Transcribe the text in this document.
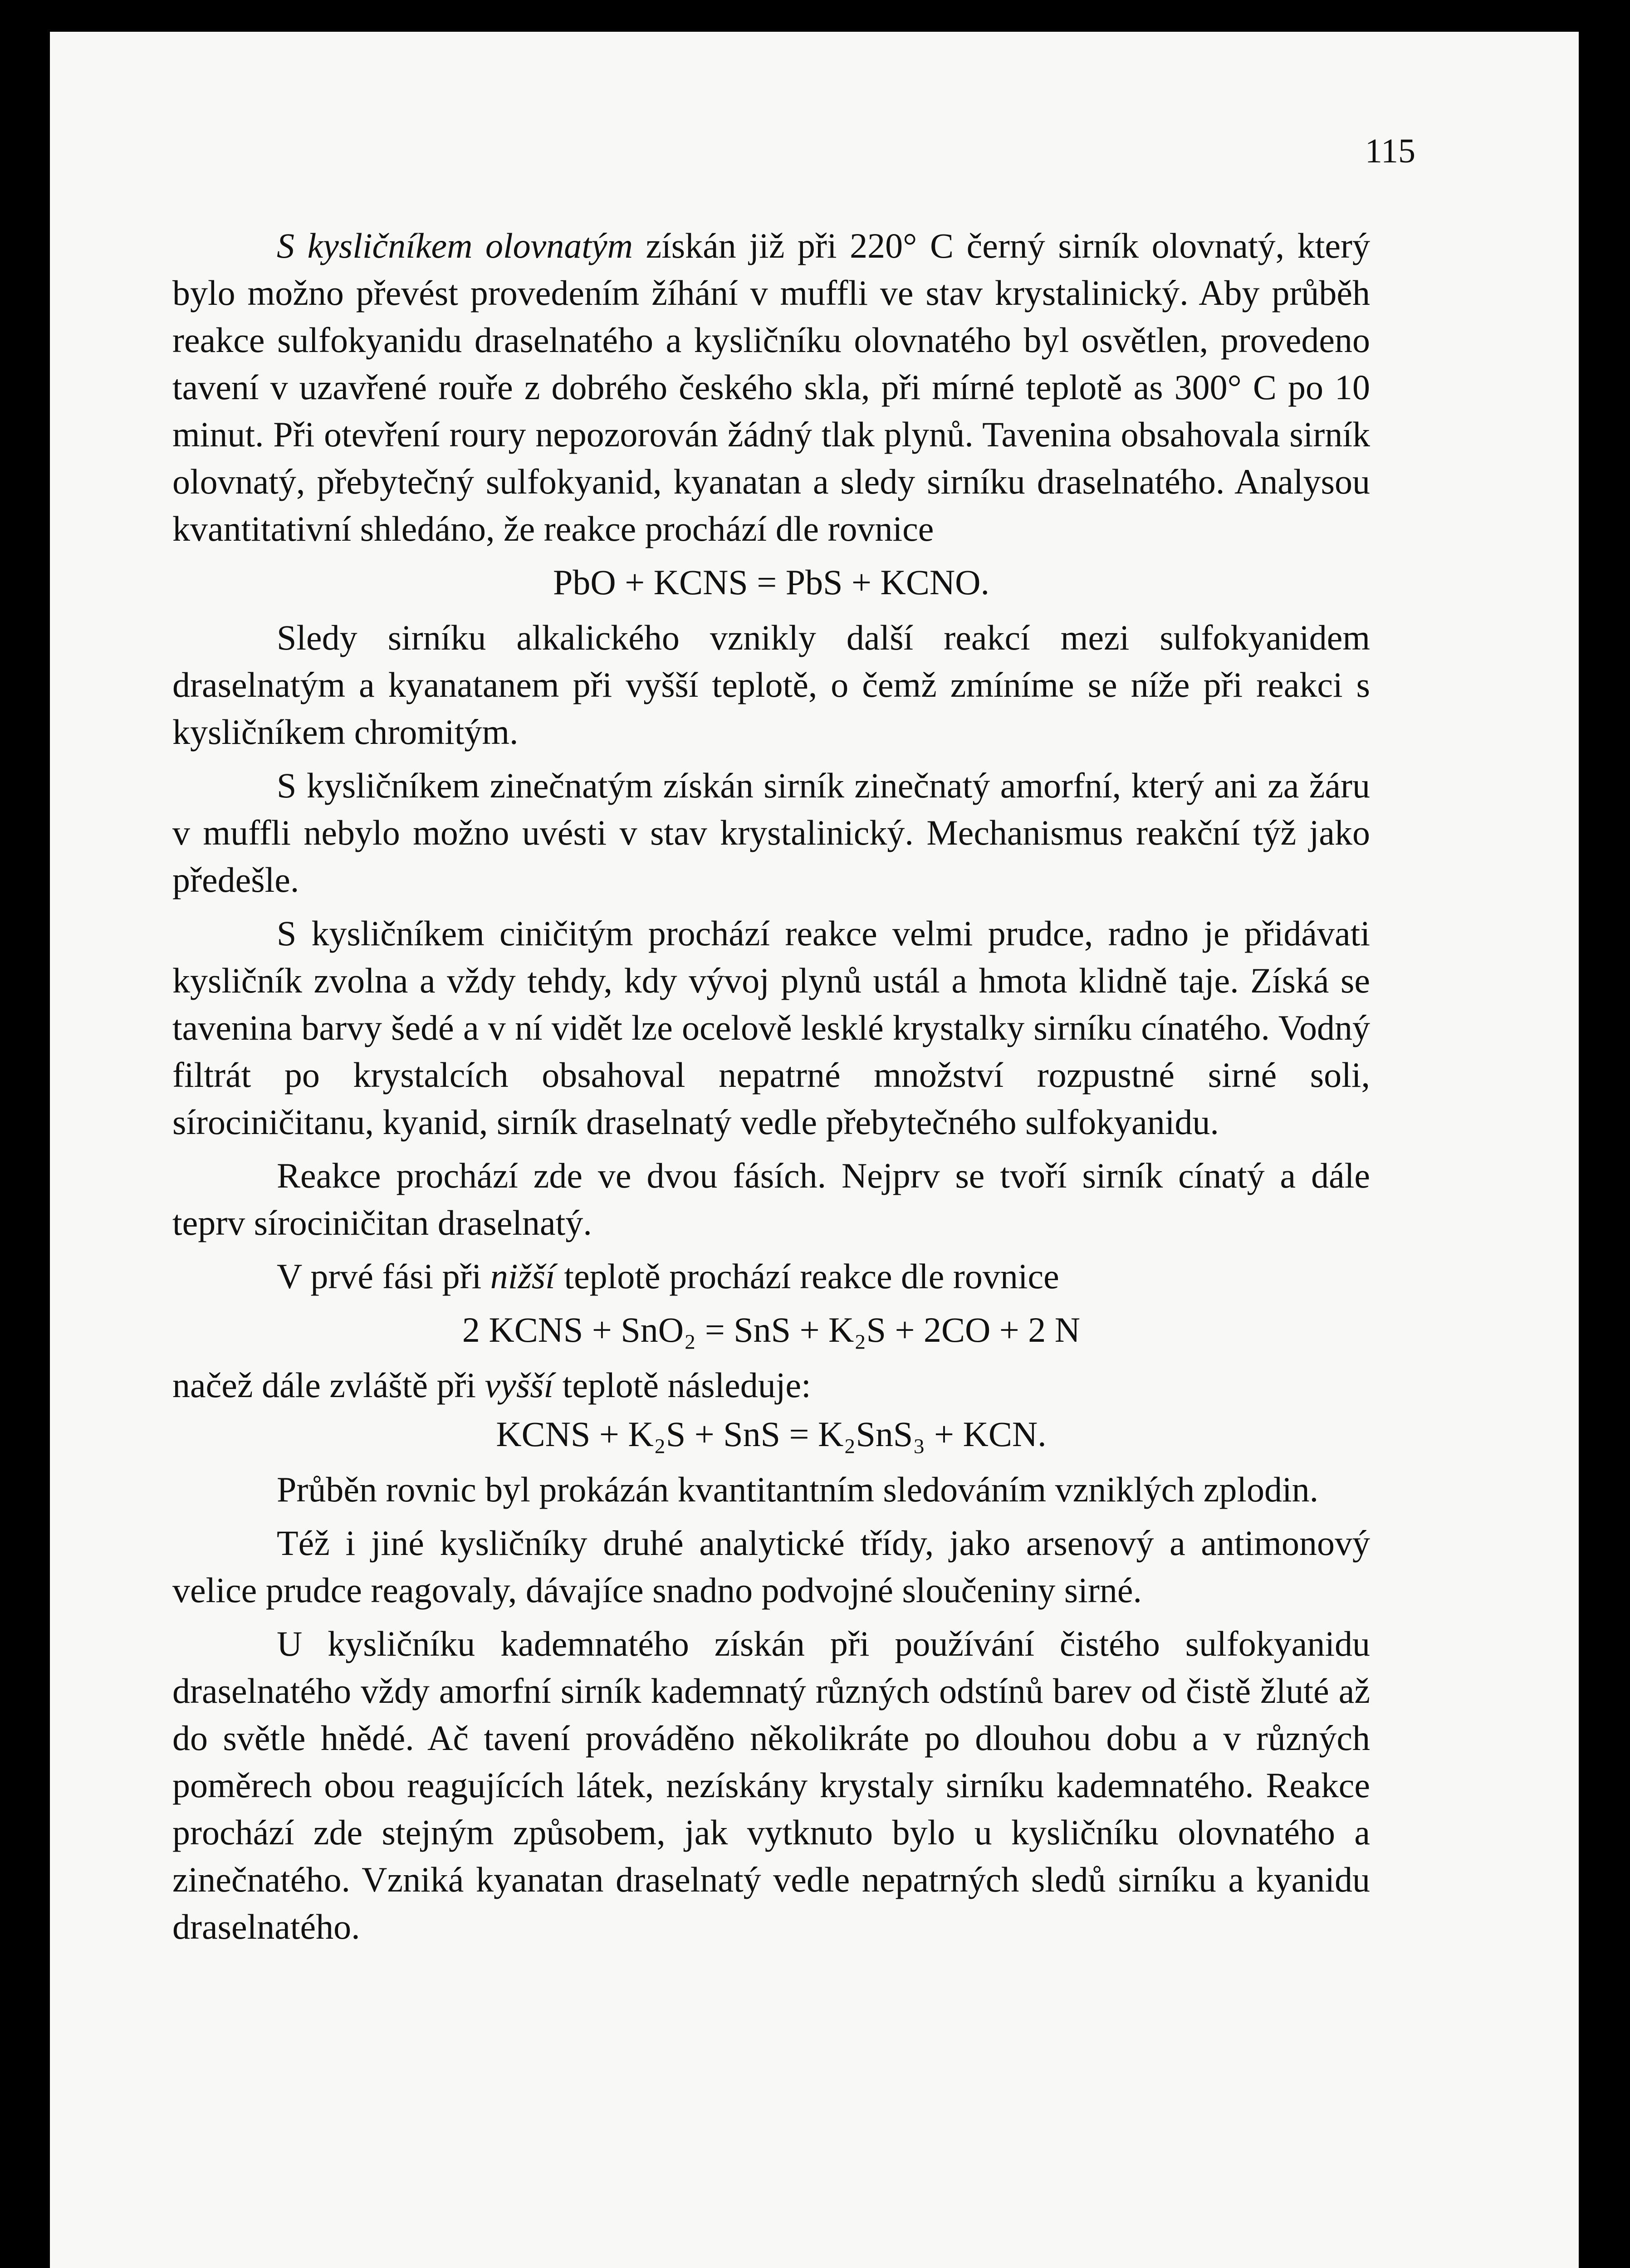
115

S kysličníkem olovnatým získán již při 220° C černý sirník olovnatý, který bylo možno převést provedením žíhání v muffli ve stav krystalinický. Aby průběh reakce sulfokyanidu draselnatého a kysličníku olovnatého byl osvětlen, provedeno tavení v uzavřené rouře z dobrého českého skla, při mírné teplotě as 300° C po 10 minut. Při otevření roury nepozorován žádný tlak plynů. Tavenina obsahovala sirník olovnatý, přebytečný sulfokyanid, kyanatan a sledy sirníku draselnatého. Analysou kvantitativní shledáno, že reakce prochází dle rovnice

PbO + KCNS = PbS + KCNO.

Sledy sirníku alkalického vznikly další reakcí mezi sulfokyanidem draselnatým a kyanatanem při vyšší teplotě, o čemž zmíníme se níže při reakci s kysličníkem chromitým.

S kysličníkem zinečnatým získán sirník zinečnatý amorfní, který ani za žáru v muffli nebylo možno uvésti v stav krystalinický. Mechanismus reakční týž jako předešle.

S kysličníkem ciničitým prochází reakce velmi prudce, radno je přidávati kysličník zvolna a vždy tehdy, kdy vývoj plynů ustál a hmota klidně taje. Získá se tavenina barvy šedé a v ní vidět lze ocelově lesklé krystalky sirníku cínatého. Vodný filtrát po krystalcích obsahoval nepatrné množství rozpustné sirné soli, sírociničitanu, kyanid, sirník draselnatý vedle přebytečného sulfokyanidu.

Reakce prochází zde ve dvou fásích. Nejprv se tvoří sirník cínatý a dále teprv sírociničitan draselnatý.

V prvé fási při nižší teplotě prochází reakce dle rovnice

2 KCNS + SnO₂ = SnS + K₂S + 2CO + 2 N

načež dále zvláště při vyšší teplotě následuje:

KCNS + K₂S + SnS = K₂SnS₃ + KCN.

Průběn rovnic byl prokázán kvantitantním sledováním vzniklých zplodin.

Též i jiné kysličníky druhé analytické třídy, jako arsenový a antimonový velice prudce reagovaly, dávajíce snadno podvojné sloučeniny sirné.

U kysličníku kademnatého získán při používání čistého sulfokyanidu draselnatého vždy amorfní sirník kademnatý různých odstínů barev od čistě žluté až do světle hnědé. Ač tavení prováděno několikráte po dlouhou dobu a v různých poměrech obou reagujících látek, nezískány krystaly sirníku kademnatého. Reakce prochází zde stejným způsobem, jak vytknuto bylo u kysličníku olovnatého a zinečnatého. Vzniká kyanatan draselnatý vedle nepatrných sledů sirníku a kyanidu draselnatého.
